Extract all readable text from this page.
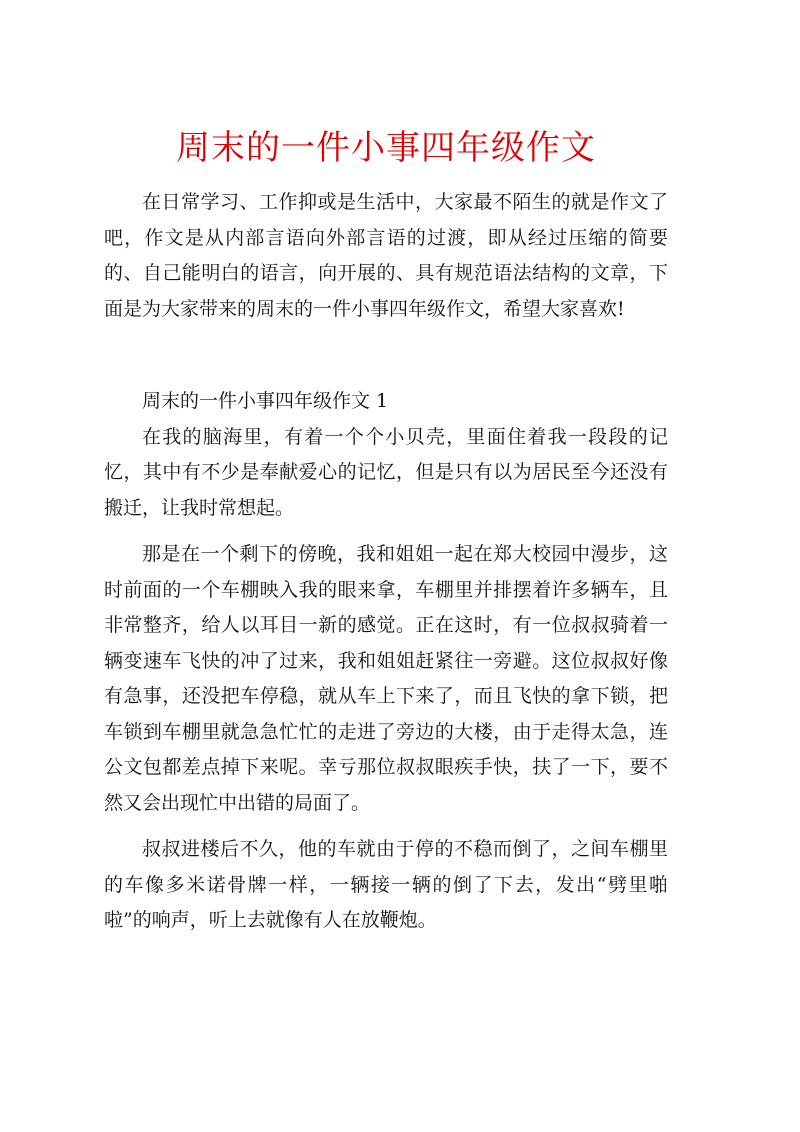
周末的一件小事四年级作文

在日常学习、工作抑或是生活中，大家最不陌生的就是作文了吧，作文是从内部言语向外部言语的过渡，即从经过压缩的简要的、自己能明白的语言，向开展的、具有规范语法结构的文章，下面是为大家带来的周末的一件小事四年级作文，希望大家喜欢!

周末的一件小事四年级作文 1

在我的脑海里，有着一个个小贝壳，里面住着我一段段的记忆，其中有不少是奉献爱心的记忆，但是只有以为居民至今还没有搬迁，让我时常想起。

那是在一个剩下的傍晚，我和姐姐一起在郑大校园中漫步，这时前面的一个车棚映入我的眼来拿，车棚里并排摆着许多辆车，且非常整齐，给人以耳目一新的感觉。正在这时，有一位叔叔骑着一辆变速车飞快的冲了过来，我和姐姐赶紧往一旁避。这位叔叔好像有急事，还没把车停稳，就从车上下来了，而且飞快的拿下锁，把车锁到车棚里就急急忙忙的走进了旁边的大楼，由于走得太急，连公文包都差点掉下来呢。幸亏那位叔叔眼疾手快，扶了一下，要不然又会出现忙中出错的局面了。

叔叔进楼后不久，他的车就由于停的不稳而倒了，之间车棚里的车像多米诺骨牌一样，一辆接一辆的倒了下去，发出“劈里啪啦”的响声，听上去就像有人在放鞭炮。
